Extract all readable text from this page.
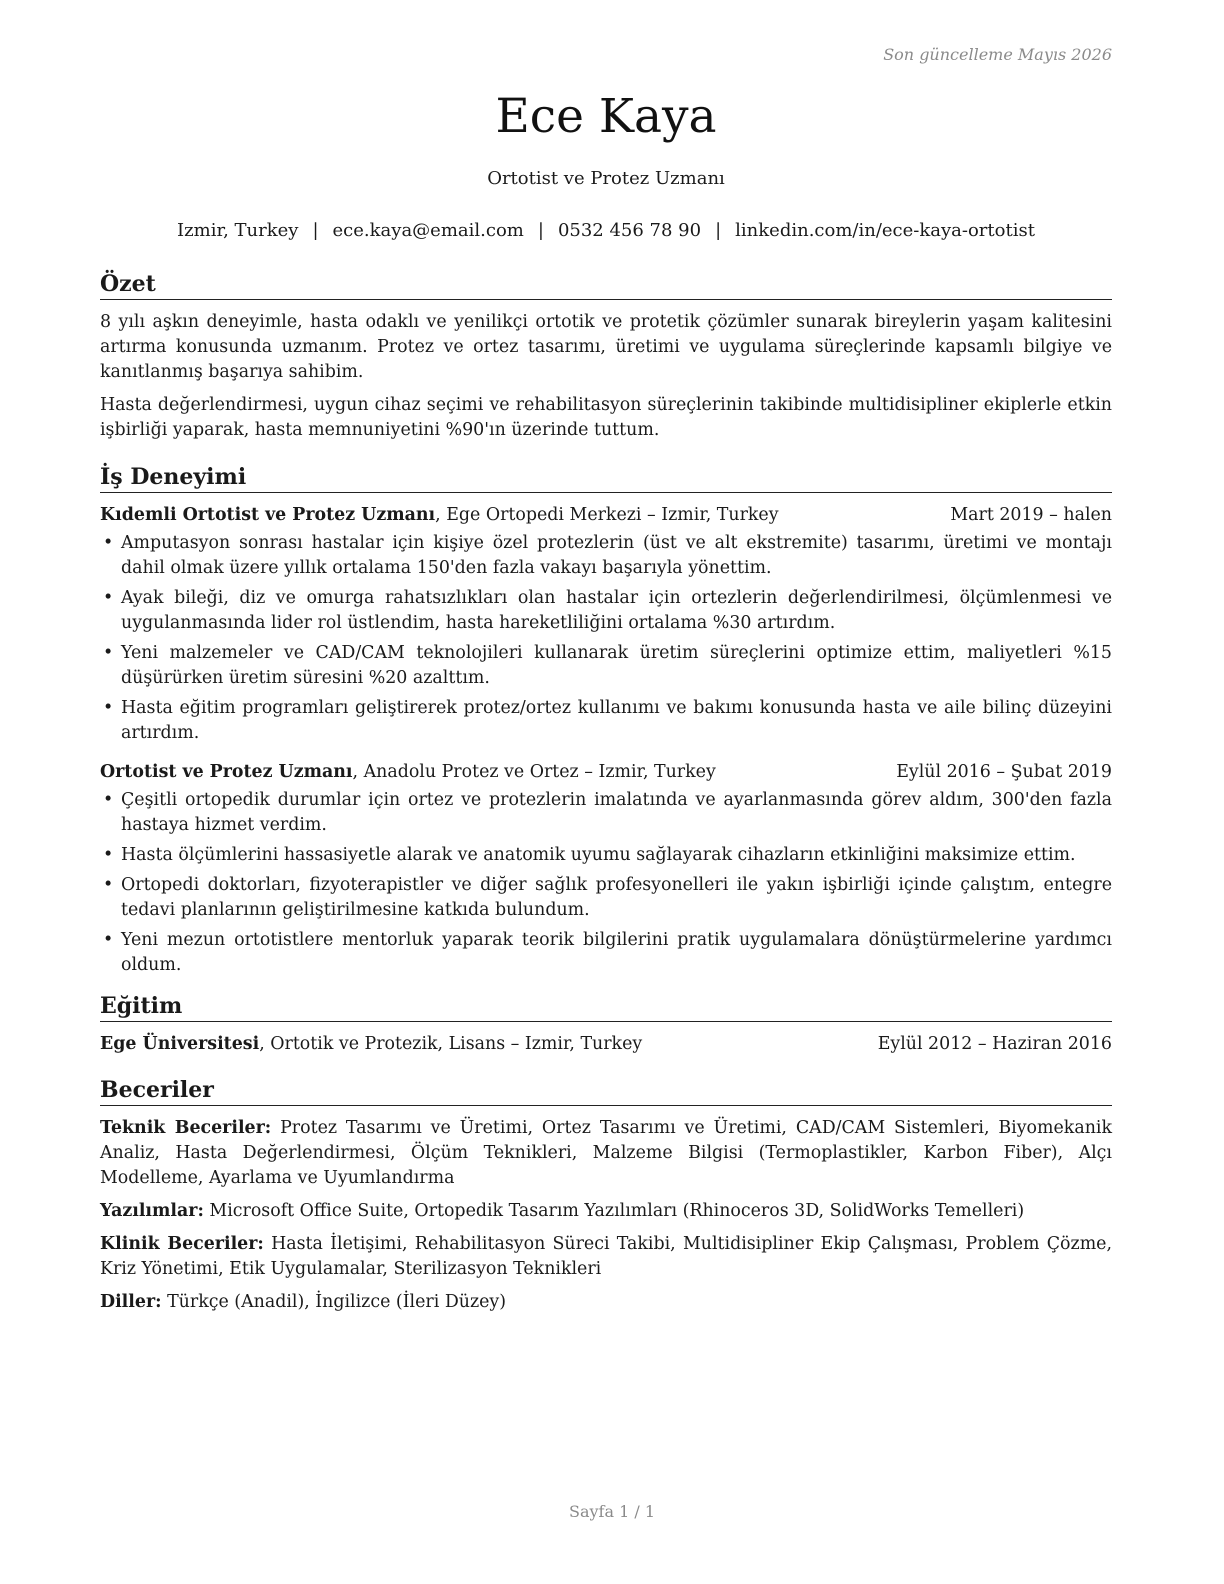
Son güncelleme Mayıs 2026
Ece Kaya
Ortotist ve Protez Uzmanı
Izmir, Turkey | ece.kaya@email.com | 0532 456 78 90 | linkedin.com/in/ece-kaya-ortotist
Özet

8 yılı aşkın deneyimle, hasta odaklı ve yenilikçi ortotik ve protetik çözümler sunarak bireylerin yaşam kalitesini artırma konusunda uzmanım. Protez ve ortez tasarımı, üretimi ve uygulama süreçlerinde kapsamlı bilgiye ve kanıtlanmış başarıya sahibim.

Hasta değerlendirmesi, uygun cihaz seçimi ve rehabilitasyon süreçlerinin takibinde multidisipliner ekiplerle etkin işbirliği yaparak, hasta memnuniyetini %90'ın üzerinde tuttum.

İş Deneyimi
Kıdemli Ortotist ve Protez Uzmanı, Ege Ortopedi Merkezi – Izmir, Turkey	Mart 2019 – halen
• Amputasyon sonrası hastalar için kişiye özel protezlerin (üst ve alt ekstremite) tasarımı, üretimi ve montajı dahil olmak üzere yıllık ortalama 150'den fazla vakayı başarıyla yönettim.
• Ayak bileği, diz ve omurga rahatsızlıkları olan hastalar için ortezlerin değerlendirilmesi, ölçümlenmesi ve uygulanmasında lider rol üstlendim, hasta hareketliliğini ortalama %30 artırdım.
• Yeni malzemeler ve CAD/CAM teknolojileri kullanarak üretim süreçlerini optimize ettim, maliyetleri %15 düşürürken üretim süresini %20 azalttım.
• Hasta eğitim programları geliştirerek protez/ortez kullanımı ve bakımı konusunda hasta ve aile bilinç düzeyini artırdım.
Ortotist ve Protez Uzmanı, Anadolu Protez ve Ortez – Izmir, Turkey	Eylül 2016 – Şubat 2019
• Çeşitli ortopedik durumlar için ortez ve protezlerin imalatında ve ayarlanmasında görev aldım, 300'den fazla hastaya hizmet verdim.
• Hasta ölçümlerini hassasiyetle alarak ve anatomik uyumu sağlayarak cihazların etkinliğini maksimize ettim.
• Ortopedi doktorları, fizyoterapistler ve diğer sağlık profesyonelleri ile yakın işbirliği içinde çalıştım, entegre tedavi planlarının geliştirilmesine katkıda bulundum.
• Yeni mezun ortotistlere mentorluk yaparak teorik bilgilerini pratik uygulamalara dönüştürmelerine yardımcı oldum.
Eğitim
Ege Üniversitesi, Ortotik ve Protezik, Lisans – Izmir, Turkey	Eylül 2012 – Haziran 2016
Beceriler

Teknik Beceriler: Protez Tasarımı ve Üretimi, Ortez Tasarımı ve Üretimi, CAD/CAM Sistemleri, Biyomekanik Analiz, Hasta Değerlendirmesi, Ölçüm Teknikleri, Malzeme Bilgisi (Termoplastikler, Karbon Fiber), Alçı Modelleme, Ayarlama ve Uyumlandırma

Yazılımlar: Microsoft Office Suite, Ortopedik Tasarım Yazılımları (Rhinoceros 3D, SolidWorks Temelleri)

Klinik Beceriler: Hasta İletişimi, Rehabilitasyon Süreci Takibi, Multidisipliner Ekip Çalışması, Problem Çözme, Kriz Yönetimi, Etik Uygulamalar, Sterilizasyon Teknikleri

Diller: Türkçe (Anadil), İngilizce (İleri Düzey)

Sayfa 1 / 1
